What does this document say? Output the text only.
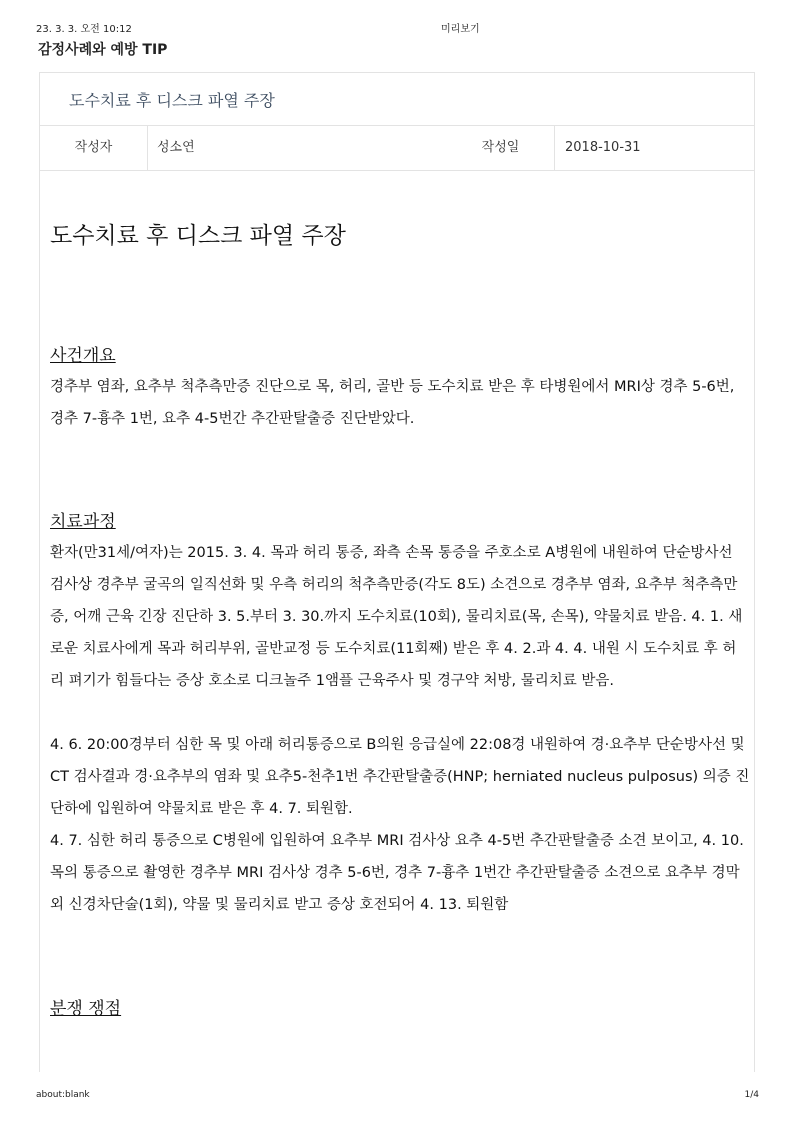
23. 3. 3. 오전 10:12	미리보기
감정사례와 예방 TIP
도수치료 후 디스크 파열 주장
작성자	성소연	작성일	2018-10-31
도수치료 후 디스크 파열 주장
사건개요

경추부 염좌, 요추부 척추측만증 진단으로 목, 허리, 골반 등 도수치료 받은 후 타병원에서 MRI상 경추 5-6번, 경추 7-흉추 1번, 요추 4-5번간 추간판탈출증 진단받았다.

치료과정

환자(만31세/여자)는 2015. 3. 4. 목과 허리 통증, 좌측 손목 통증을 주호소로 A병원에 내원하여 단순방사선 검사상 경추부 굴곡의 일직선화 및 우측 허리의 척추측만증(각도 8도) 소견으로 경추부 염좌, 요추부 척추측만증, 어깨 근육 긴장 진단하 3. 5.부터 3. 30.까지 도수치료(10회), 물리치료(목, 손목), 약물치료 받음. 4. 1. 새로운 치료사에게 목과 허리부위, 골반교정 등 도수치료(11회째) 받은 후 4. 2.과 4. 4. 내원 시 도수치료 후 허리 펴기가 힘들다는 증상 호소로 디크놀주 1앰플 근육주사 및 경구약 처방, 물리치료 받음.

4. 6. 20:00경부터 심한 목 및 아래 허리통증으로 B의원 응급실에 22:08경 내원하여 경·요추부 단순방사선 및 CT 검사결과 경·요추부의 염좌 및 요추5-천추1번 추간판탈출증(HNP; herniated nucleus pulposus) 의증 진단하에 입원하여 약물치료 받은 후 4. 7. 퇴원함.

4. 7. 심한 허리 통증으로 C병원에 입원하여 요추부 MRI 검사상 요추 4-5번 추간판탈출증 소견 보이고, 4. 10. 목의 통증으로 촬영한 경추부 MRI 검사상 경추 5-6번, 경추 7-흉추 1번간 추간판탈출증 소견으로 요추부 경막외 신경차단술(1회), 약물 및 물리치료 받고 증상 호전되어 4. 13. 퇴원함

분쟁 쟁점
about:blank	1/4
